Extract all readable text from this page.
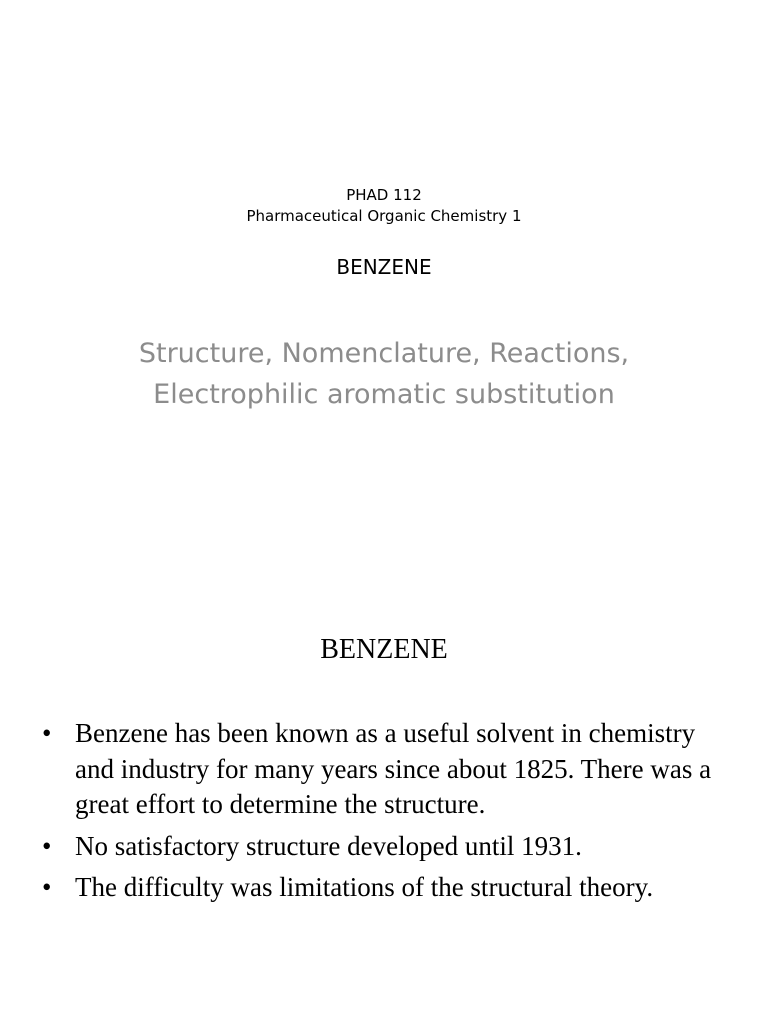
PHAD 112
Pharmaceutical Organic Chemistry 1
BENZENE
Structure, Nomenclature, Reactions,
Electrophilic aromatic substitution
BENZENE
• Benzene has been known as a useful solvent in chemistry and industry for many years since about 1825. There was a great effort to determine the structure.
• No satisfactory structure developed until 1931.
• The difficulty was limitations of the structural theory.
